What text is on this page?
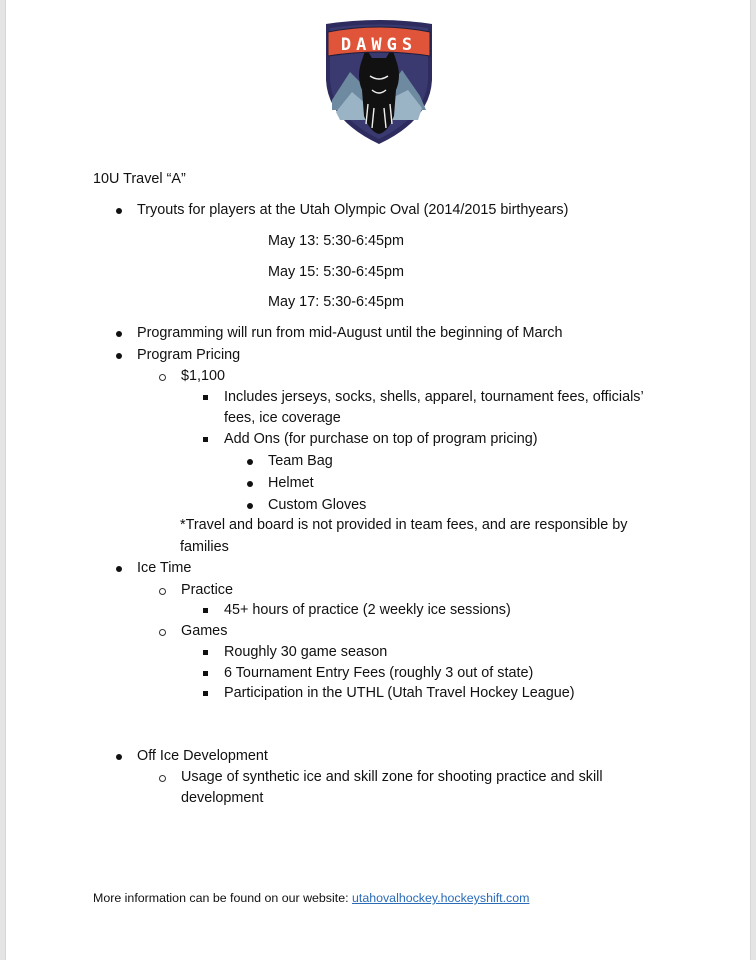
DAWGS
10U Travel “A”
Tryouts for players at the Utah Olympic Oval (2014/2015 birthyears)
May 13: 5:30-6:45pm
May 15: 5:30-6:45pm
May 17: 5:30-6:45pm
Programming will run from mid-August until the beginning of March
Program Pricing
$1,100
Includes jerseys, socks, shells, apparel, tournament fees, officials’
fees, ice coverage
Add Ons (for purchase on top of program pricing)
Team Bag
Helmet
Custom Gloves
*Travel and board is not provided in team fees, and are responsible by
families
Ice Time
Practice
45+ hours of practice (2 weekly ice sessions)
Games
Roughly 30 game season
6 Tournament Entry Fees (roughly 3 out of state)
Participation in the UTHL (Utah Travel Hockey League)
Off Ice Development
Usage of synthetic ice and skill zone for shooting practice and skill
development
More information can be found on our website: utahovalhockey.hockeyshift.com
